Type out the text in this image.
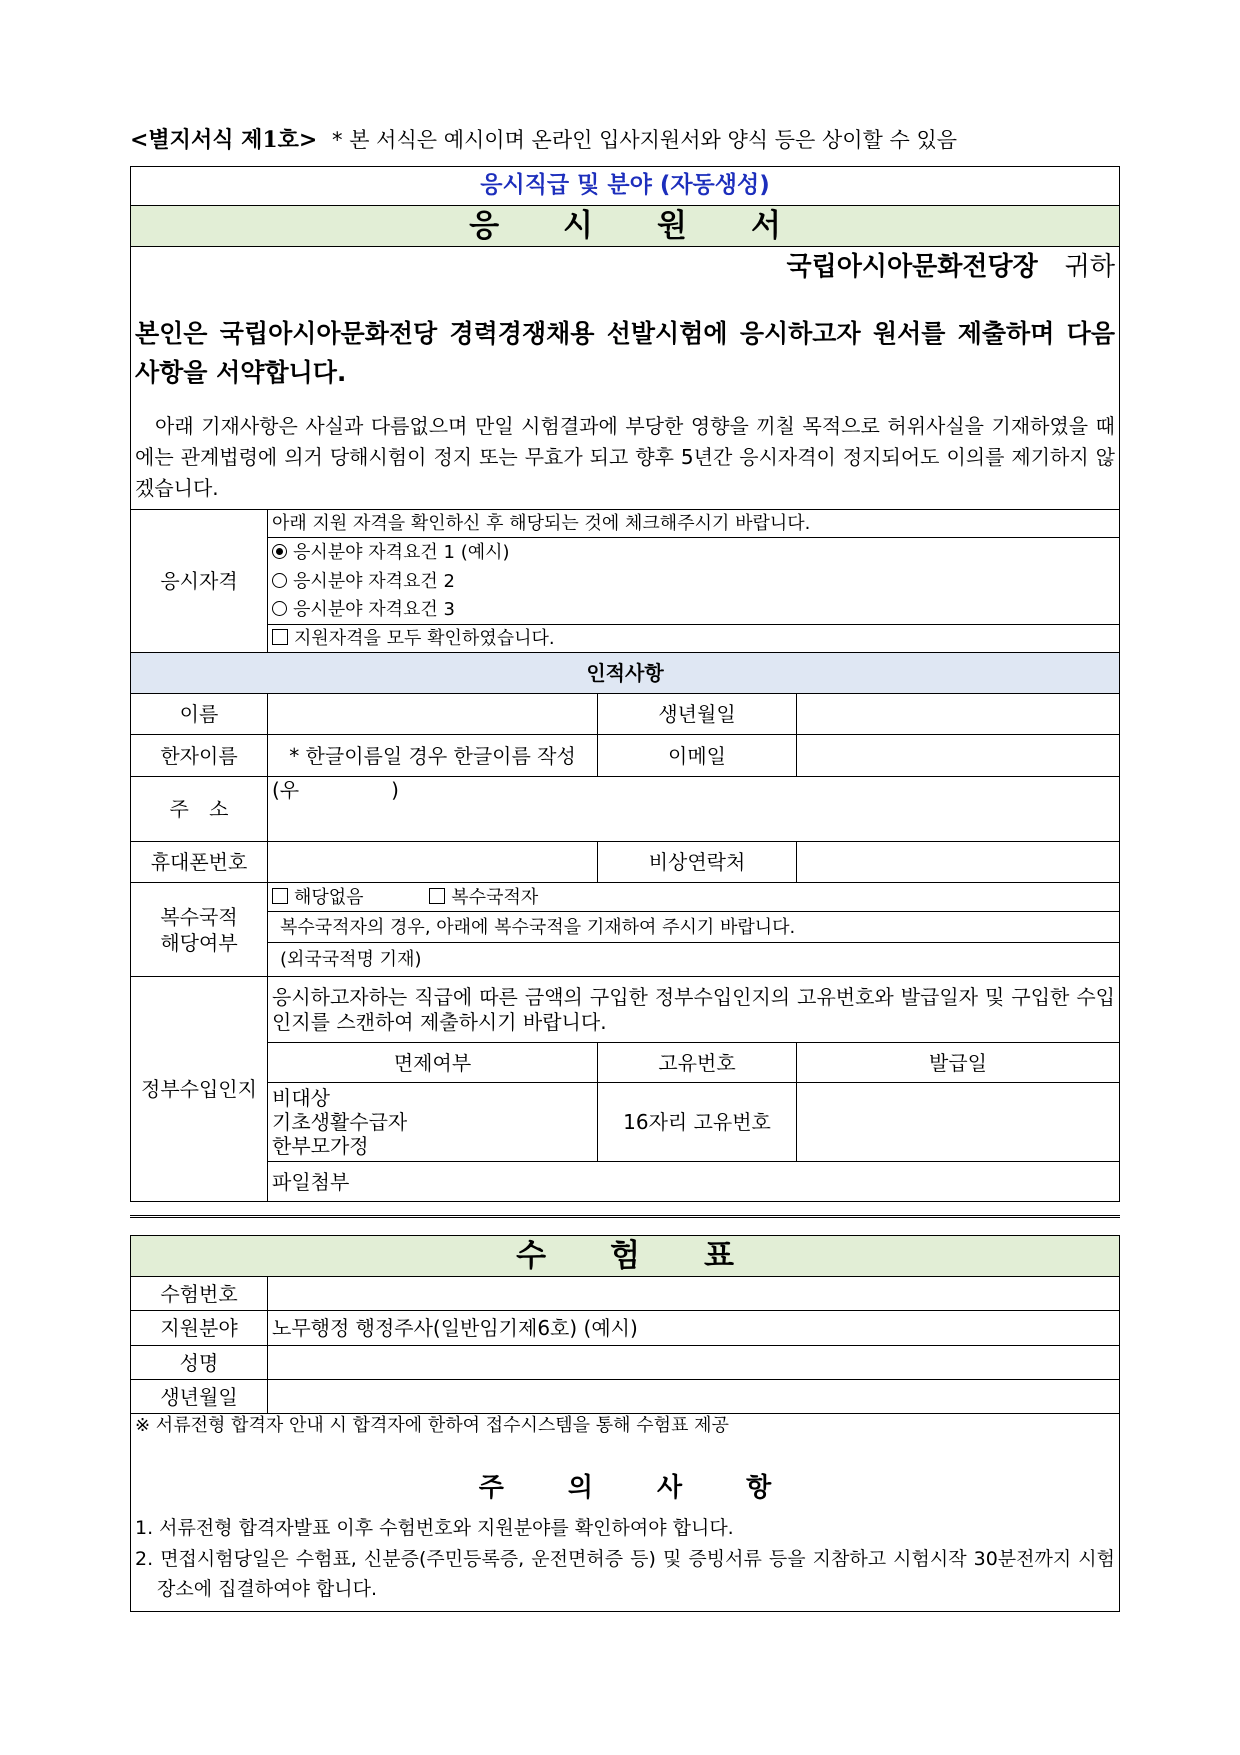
<별지서식 제1호> * 본 서식은 예시이며 온라인 입사지원서와 양식 등은 상이할 수 있음
응시직급 및 분야 (자동생성)			
응 시 원 서			

국립아시아문화전당장 귀하
본인은 국립아시아문화전당 경력경쟁채용 선발시험에 응시하고자 원서를 제출하며 다음 사항을 서약합니다.
아래 기재사항은 사실과 다름없으며 만일 시험결과에 부당한 영향을 끼칠 목적으로 허위사실을 기재하였을 때에는 관계법령에 의거 당해시험이 정지 또는 무효가 되고 향후 5년간 응시자격이 정지되어도 이의를 제기하지 않겠습니다.			

응시자격	아래 지원 자격을 확인하신 후 해당되는 것에 체크해주시기 바랍니다.		
	응시분야 자격요건 1 (예시)		
	응시분야 자격요건 2		
	응시분야 자격요건 3		
	지원자격을 모두 확인하였습니다.		
인적사항			
이름		생년월일	
한자이름	* 한글이름일 경우 한글이름 작성	이메일	
주 소	(우 )		
휴대폰번호		비상연락처	

복수국적
해당여부	해당없음 복수국적자		
	복수국적자의 경우, 아래에 복수국적을 기재하여 주시기 바랍니다.		
	(외국국적명 기재)		
정부수입인지	응시하고자하는 직급에 따른 금액의 구입한 정부수입인지의 고유번호와 발급일자 및 구입한 수입인지를 스캔하여 제출하시기 바랍니다.		
	면제여부	고유번호	발급일

	비대상
기초생활수급자
한부모가정	16자리 고유번호	
	파일첨부		
수 험 표	
수험번호	
지원분야	노무행정 행정주사(일반임기제6호) (예시)
성명	
생년월일	

※ 서류전형 합격자 안내 시 합격자에 한하여 접수시스템을 통해 수험표 제공
주 의 사 항
1. 서류전형 합격자발표 이후 수험번호와 지원분야를 확인하여야 합니다.
2. 면접시험당일은 수험표, 신분증(주민등록증, 운전면허증 등) 및 증빙서류 등을 지참하고 시험시작 30분전까지 시험장소에 집결하여야 합니다.	
